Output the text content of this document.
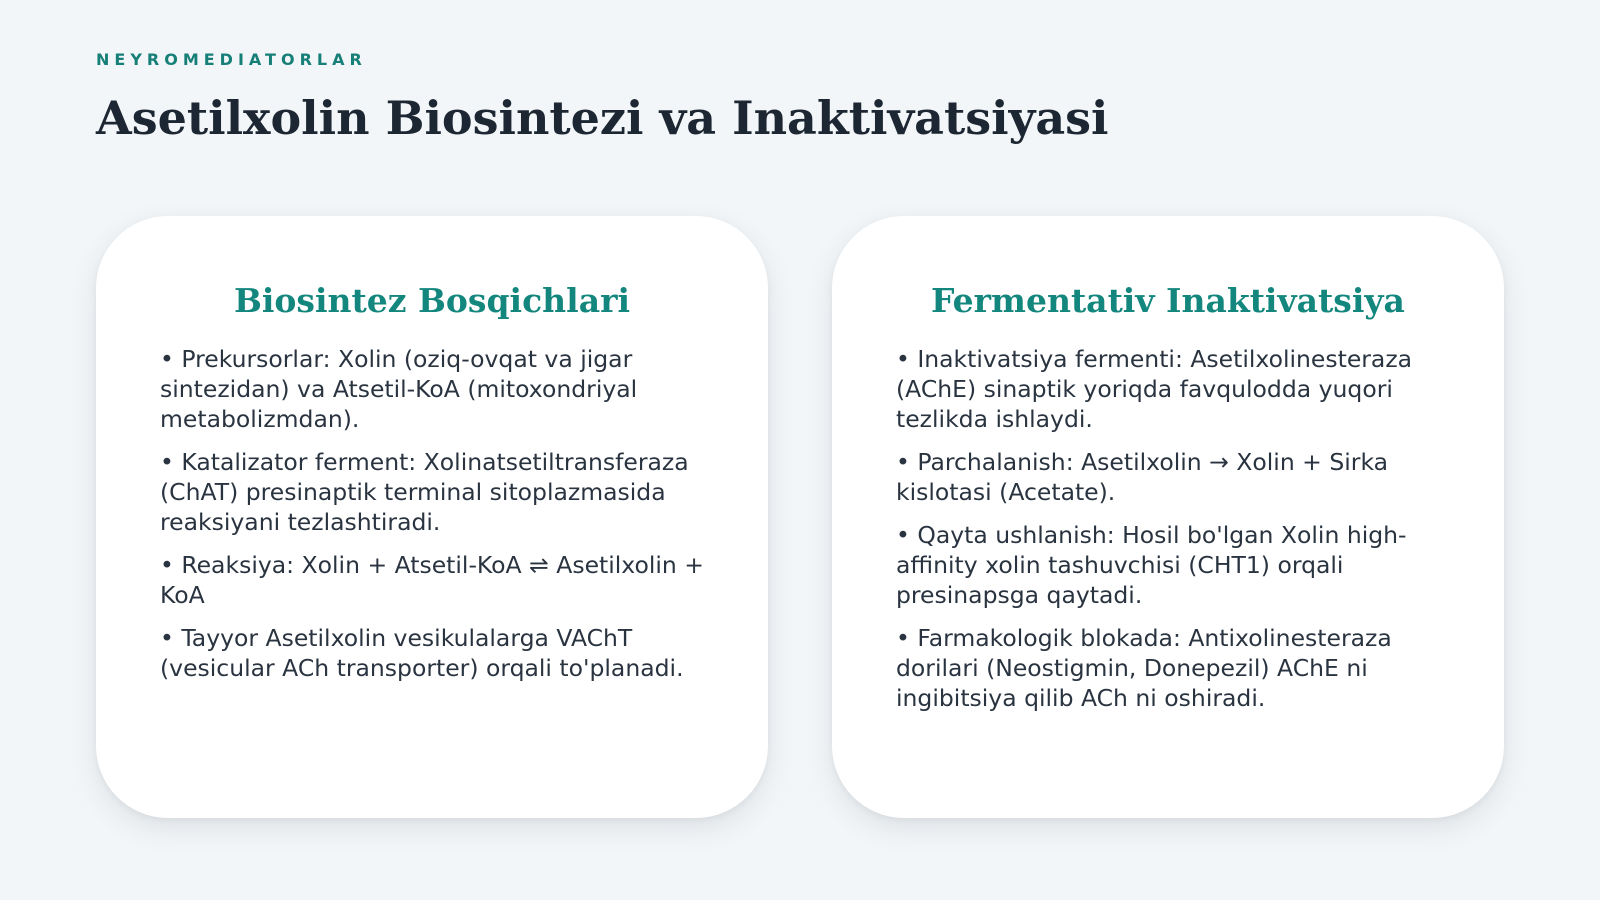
NEYROMEDIATORLAR
Asetilxolin Biosintezi va Inaktivatsiyasi
Biosintez Bosqichlari
• Prekursorlar: Xolin (oziq-ovqat va jigar sintezidan) va Atsetil-KoA (mitoxondriyal metabolizmdan).
• Katalizator ferment: Xolinatsetiltransferaza (ChAT) presinaptik terminal sitoplazmasida reaksiyani tezlashtiradi.
• Reaksiya: Xolin + Atsetil-KoA ⇌ Asetilxolin + KoA
• Tayyor Asetilxolin vesikulalarga VAChT (vesicular ACh transporter) orqali to'planadi.
Fermentativ Inaktivatsiya
• Inaktivatsiya fermenti: Asetilxolinesteraza (AChE) sinaptik yoriqda favqulodda yuqori tezlikda ishlaydi.
• Parchalanish: Asetilxolin → Xolin + Sirka kislotasi (Acetate).
• Qayta ushlanish: Hosil bo'lgan Xolin high-affinity xolin tashuvchisi (CHT1) orqali presinapsga qaytadi.
• Farmakologik blokada: Antixolinesteraza dorilari (Neostigmin, Donepezil) AChE ni ingibitsiya qilib ACh ni oshiradi.
